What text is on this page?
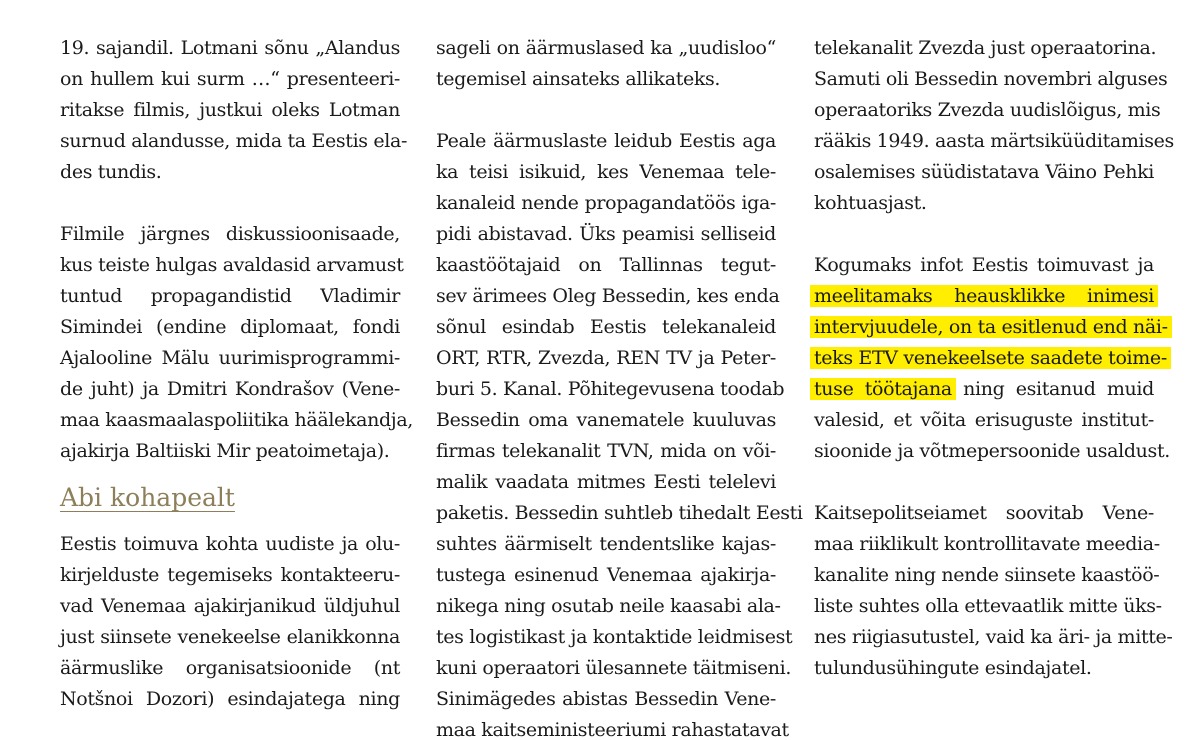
19. sajandil. Lotmani sõnu „Alandus
on hullem kui surm …“ presenteeri-
ritakse filmis, justkui oleks Lotman
surnud alandusse, mida ta Eestis ela-
des tundis.
Filmile järgnes diskussioonisaade,
kus teiste hulgas avaldasid arvamust
tuntud propagandistid Vladimir
Simindei (endine diplomaat, fondi
Ajalooline Mälu uurimisprogrammi-
de juht) ja Dmitri Kondrašov (Vene-
maa kaasmaalaspoliitika häälekandja,
ajakirja Baltiiski Mir peatoimetaja).
Abi kohapealt
Eestis toimuva kohta uudiste ja olu-
kirjelduste tegemiseks kontakteeru-
vad Venemaa ajakirjanikud üldjuhul
just siinsete venekeelse elanikkonna
äärmuslike organisatsioonide (nt
Notšnoi Dozori) esindajatega ning
sageli on äärmuslased ka „uudisloo“
tegemisel ainsateks allikateks.
Peale äärmuslaste leidub Eestis aga
ka teisi isikuid, kes Venemaa tele-
kanaleid nende propagandatöös iga-
pidi abistavad. Üks peamisi selliseid
kaastöötajaid on Tallinnas tegut-
sev ärimees Oleg Bessedin, kes enda
sõnul esindab Eestis telekanaleid
ORT, RTR, Zvezda, REN TV ja Peter-
buri 5. Kanal. Põhitegevusena toodab
Bessedin oma vanematele kuuluvas
firmas telekanalit TVN, mida on või-
malik vaadata mitmes Eesti telelevi
paketis. Bessedin suhtleb tihedalt Eesti
suhtes äärmiselt tendentslike kajas-
tustega esinenud Venemaa ajakirja-
nikega ning osutab neile kaasabi ala-
tes logistikast ja kontaktide leidmisest
kuni operaatori ülesannete täitmiseni.
Sinimägedes abistas Bessedin Vene-
maa kaitseministeeriumi rahastatavat
telekanalit Zvezda just operaatorina.
Samuti oli Bessedin novembri alguses
operaatoriks Zvezda uudislõigus, mis
rääkis 1949. aasta märtsiküüditamises
osalemises süüdistatava Väino Pehki
kohtuasjast.
Kogumaks infot Eestis toimuvast ja
meelitamaks heausklikke inimesi
intervjuudele, on ta esitlenud end näi-
teks ETV venekeelsete saadete toime-
tuse töötajana ning esitanud muid
valesid, et võita erisuguste institut-
sioonide ja võtmepersoonide usaldust.
Kaitsepolitseiamet soovitab Vene-
maa riiklikult kontrollitavate meedia-
kanalite ning nende siinsete kaastöö-
liste suhtes olla ettevaatlik mitte üks-
nes riigiasutustel, vaid ka äri- ja mitte-
tulundusühingute esindajatel.
